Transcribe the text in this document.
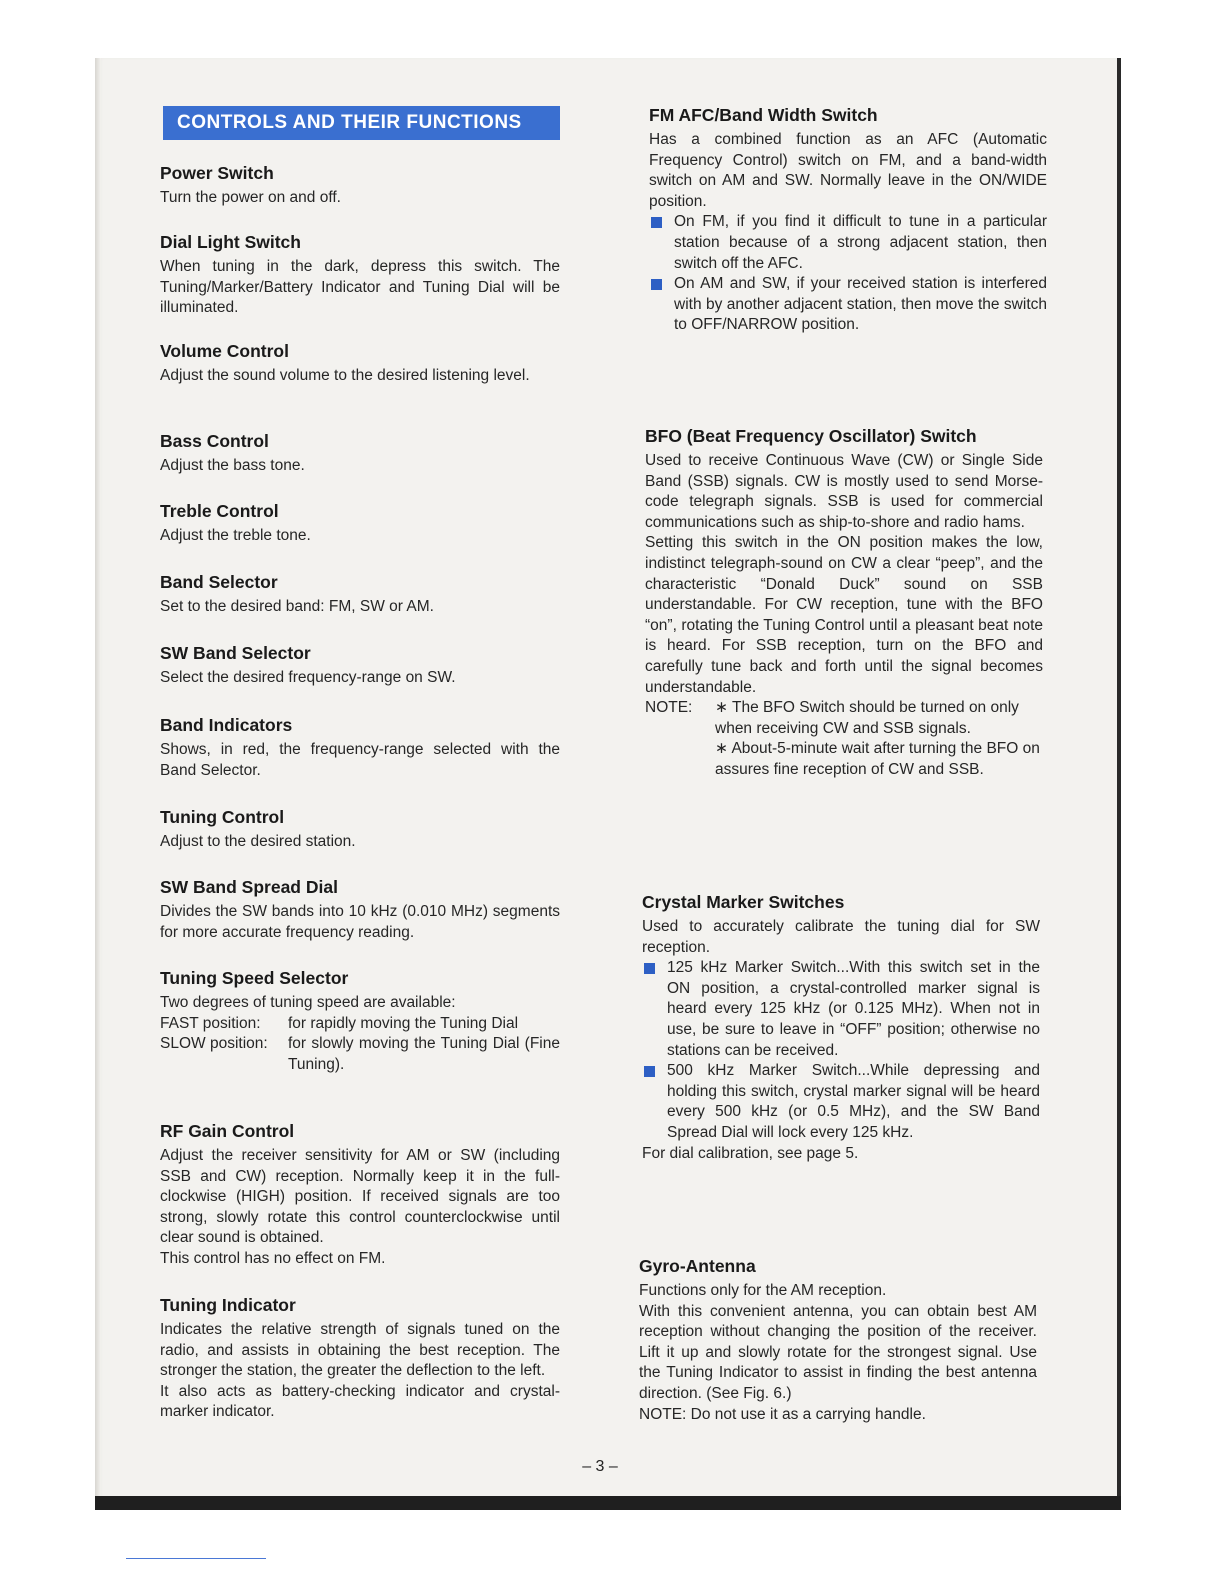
CONTROLS AND THEIR FUNCTIONS
Power Switch

Turn the power on and off.

Dial Light Switch

When tuning in the dark, depress this switch. The Tuning/Marker/Battery Indicator and Tuning Dial will be illuminated.

Volume Control

Adjust the sound volume to the desired listening level.

Bass Control

Adjust the bass tone.

Treble Control

Adjust the treble tone.

Band Selector

Set to the desired band: FM, SW or AM.

SW Band Selector

Select the desired frequency-range on SW.

Band Indicators

Shows, in red, the frequency-range selected with the Band Selector.

Tuning Control

Adjust to the desired station.

SW Band Spread Dial

Divides the SW bands into 10 kHz (0.010 MHz) segments for more accurate frequency reading.

Tuning Speed Selector

Two degrees of tuning speed are available:

FAST position:	for rapidly moving the Tuning Dial
SLOW position:	for slowly moving the Tuning Dial (Fine Tuning).
RF Gain Control

Adjust the receiver sensitivity for AM or SW (including SSB and CW) reception. Normally keep it in the full-clockwise (HIGH) position. If received signals are too strong, slowly rotate this control counterclockwise until clear sound is obtained.

This control has no effect on FM.

Tuning Indicator

Indicates the relative strength of signals tuned on the radio, and assists in obtaining the best reception. The stronger the station, the greater the deflection to the left.

It also acts as battery-checking indicator and crystal-marker indicator.

FM AFC/Band Width Switch

Has a combined function as an AFC (Automatic Frequency Control) switch on FM, and a band-width switch on AM and SW. Normally leave in the ON/WIDE position.

On FM, if you find it difficult to tune in a particular station because of a strong adjacent station, then switch off the AFC.
On AM and SW, if your received station is interfered with by another adjacent station, then move the switch to OFF/NARROW position.
BFO (Beat Frequency Oscillator) Switch

Used to receive Continuous Wave (CW) or Single Side Band (SSB) signals. CW is mostly used to send Morse-code telegraph signals. SSB is used for commercial communications such as ship-to-shore and radio hams.

Setting this switch in the ON position makes the low, indistinct telegraph-sound on CW a clear “peep”, and the characteristic “Donald Duck” sound on SSB understandable. For CW reception, tune with the BFO “on”, rotating the Tuning Control until a pleasant beat note is heard. For SSB reception, turn on the BFO and carefully tune back and forth until the signal becomes understandable.

NOTE:	∗ The BFO Switch should be turned on only when receiving CW and SSB signals.
∗ About-5-minute wait after turning the BFO on assures fine reception of CW and SSB.
Crystal Marker Switches

Used to accurately calibrate the tuning dial for SW reception.

125 kHz Marker Switch...With this switch set in the ON position, a crystal-controlled marker signal is heard every 125 kHz (or 0.125 MHz). When not in use, be sure to leave in “OFF” position; otherwise no stations can be received.
500 kHz Marker Switch...While depressing and holding this switch, crystal marker signal will be heard every 500 kHz (or 0.5 MHz), and the SW Band Spread Dial will lock every 125 kHz.

For dial calibration, see page 5.

Gyro-Antenna

Functions only for the AM reception.

With this convenient antenna, you can obtain best AM reception without changing the position of the receiver. Lift it up and slowly rotate for the strongest signal. Use the Tuning Indicator to assist in finding the best antenna direction. (See Fig. 6.)

NOTE: Do not use it as a carrying handle.

– 3 –
